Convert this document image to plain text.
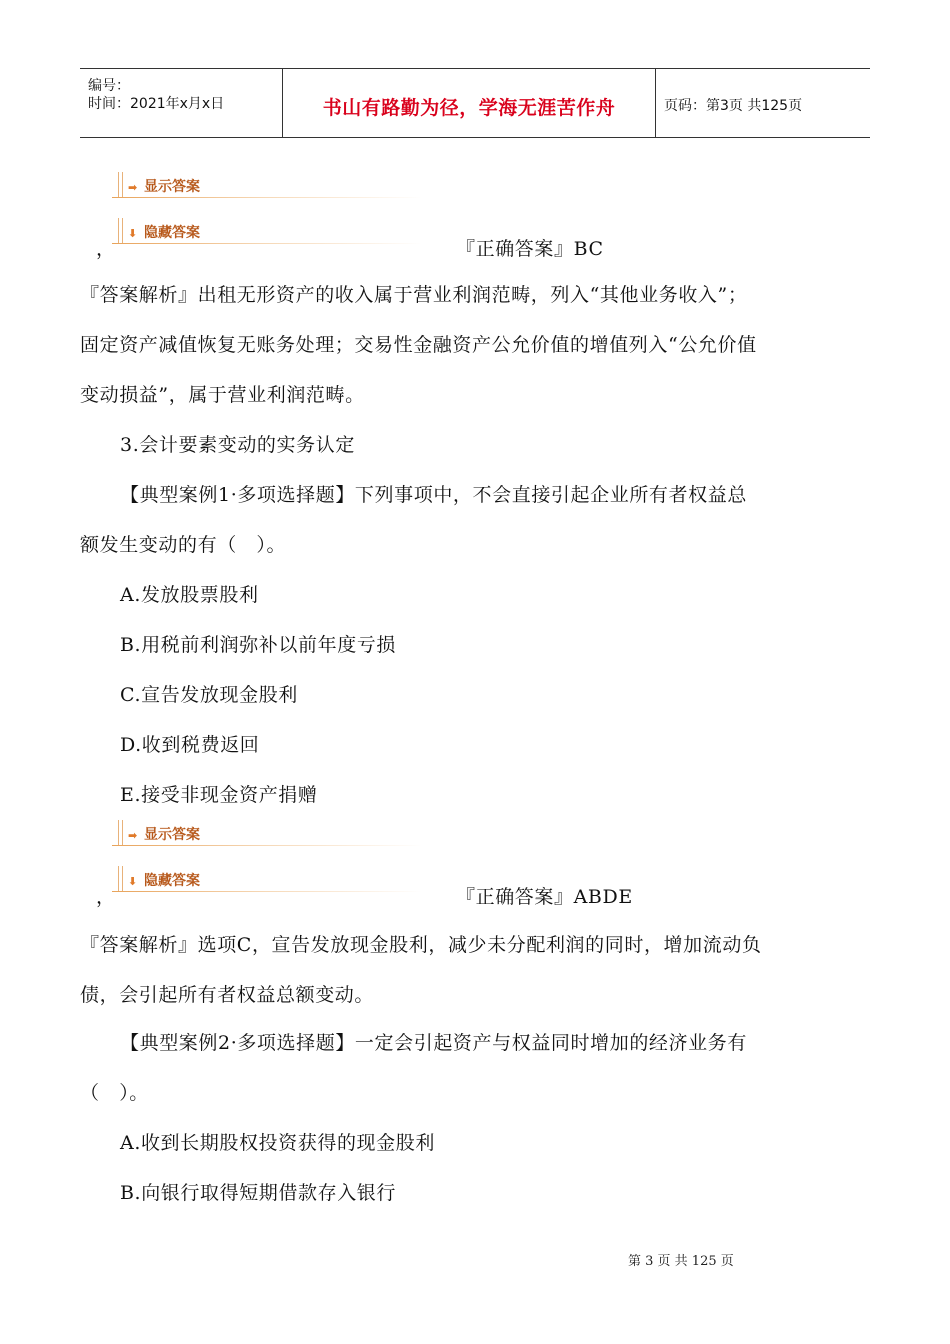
编号：
时间：2021年x月x日	书山有路勤为径，学海无涯苦作舟	页码：第3页 共125页
➡ 显示答案
⬇ 隐藏答案
，	『正确答案』BC
『答案解析』出租无形资产的收入属于营业利润范畴，列入“其他业务收入”；
固定资产减值恢复无账务处理；交易性金融资产公允价值的增值列入“公允价值
变动损益”，属于营业利润范畴。
3.会计要素变动的实务认定
【典型案例1·多项选择题】下列事项中，不会直接引起企业所有者权益总
额发生变动的有（　）。
A.发放股票股利
B.用税前利润弥补以前年度亏损
C.宣告发放现金股利
D.收到税费返回
E.接受非现金资产捐赠
➡ 显示答案
⬇ 隐藏答案
，	『正确答案』ABDE
『答案解析』选项C，宣告发放现金股利，减少未分配利润的同时，增加流动负
债，会引起所有者权益总额变动。
【典型案例2·多项选择题】一定会引起资产与权益同时增加的经济业务有
（　）。
A.收到长期股权投资获得的现金股利
B.向银行取得短期借款存入银行
第 3 页 共 125 页
